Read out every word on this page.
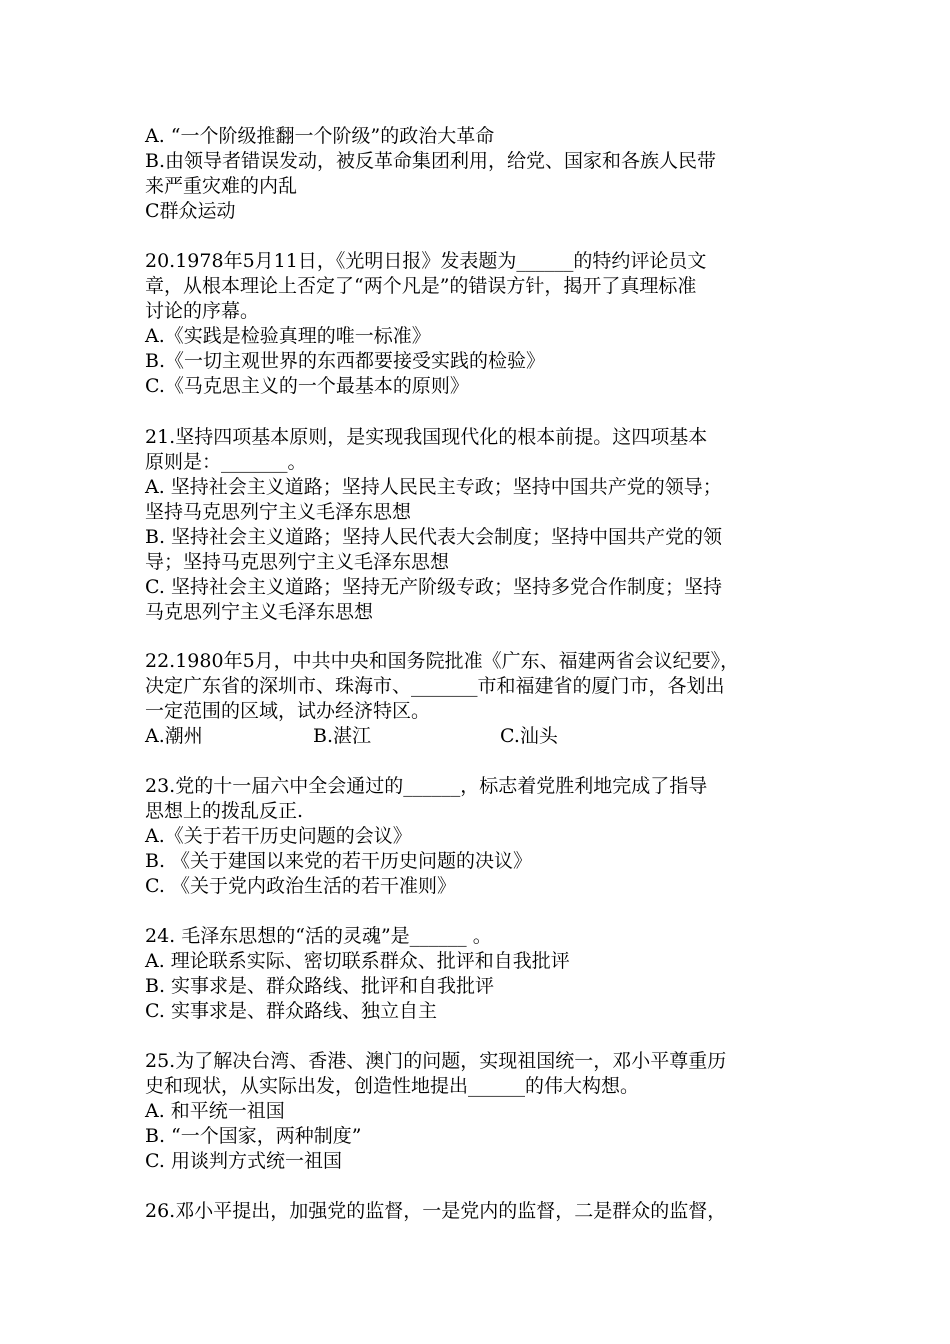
A. “一个阶级推翻一个阶级”的政治大革命
B.由领导者错误发动，被反革命集团利用，给党、国家和各族人民带
来严重灾难的内乱
C群众运动
20.1978年5月11日，《光明日报》发表题为______的特约评论员文
章，从根本理论上否定了“两个凡是”的错误方针，揭开了真理标准
讨论的序幕。
A.《实践是检验真理的唯一标准》
B.《一切主观世界的东西都要接受实践的检验》
C.《马克思主义的一个最基本的原则》
21.坚持四项基本原则，是实现我国现代化的根本前提。这四项基本
原则是：_______。
A. 坚持社会主义道路；坚持人民民主专政；坚持中国共产党的领导；
坚持马克思列宁主义毛泽东思想
B. 坚持社会主义道路；坚持人民代表大会制度；坚持中国共产党的领
导；坚持马克思列宁主义毛泽东思想
C. 坚持社会主义道路；坚持无产阶级专政；坚持多党合作制度；坚持
马克思列宁主义毛泽东思想
22.1980年5月，中共中央和国务院批准《广东、福建两省会议纪要》，
决定广东省的深圳市、珠海市、_______市和福建省的厦门市，各划出
一定范围的区域，试办经济特区。
A.潮州	B.湛江	C.汕头
23.党的十一届六中全会通过的______，标志着党胜利地完成了指导
思想上的拨乱反正.
A.《关于若干历史问题的会议》
B. 《关于建国以来党的若干历史问题的决议》
C. 《关于党内政治生活的若干准则》
24. 毛泽东思想的“活的灵魂”是______ 。
A. 理论联系实际、密切联系群众、批评和自我批评
B. 实事求是、群众路线、批评和自我批评
C. 实事求是、群众路线、独立自主
25.为了解决台湾、香港、澳门的问题，实现祖国统一，邓小平尊重历
史和现状，从实际出发，创造性地提出______的伟大构想。
A. 和平统一祖国
B. “一个国家，两种制度”
C. 用谈判方式统一祖国
26.邓小平提出，加强党的监督，一是党内的监督，二是群众的监督，
